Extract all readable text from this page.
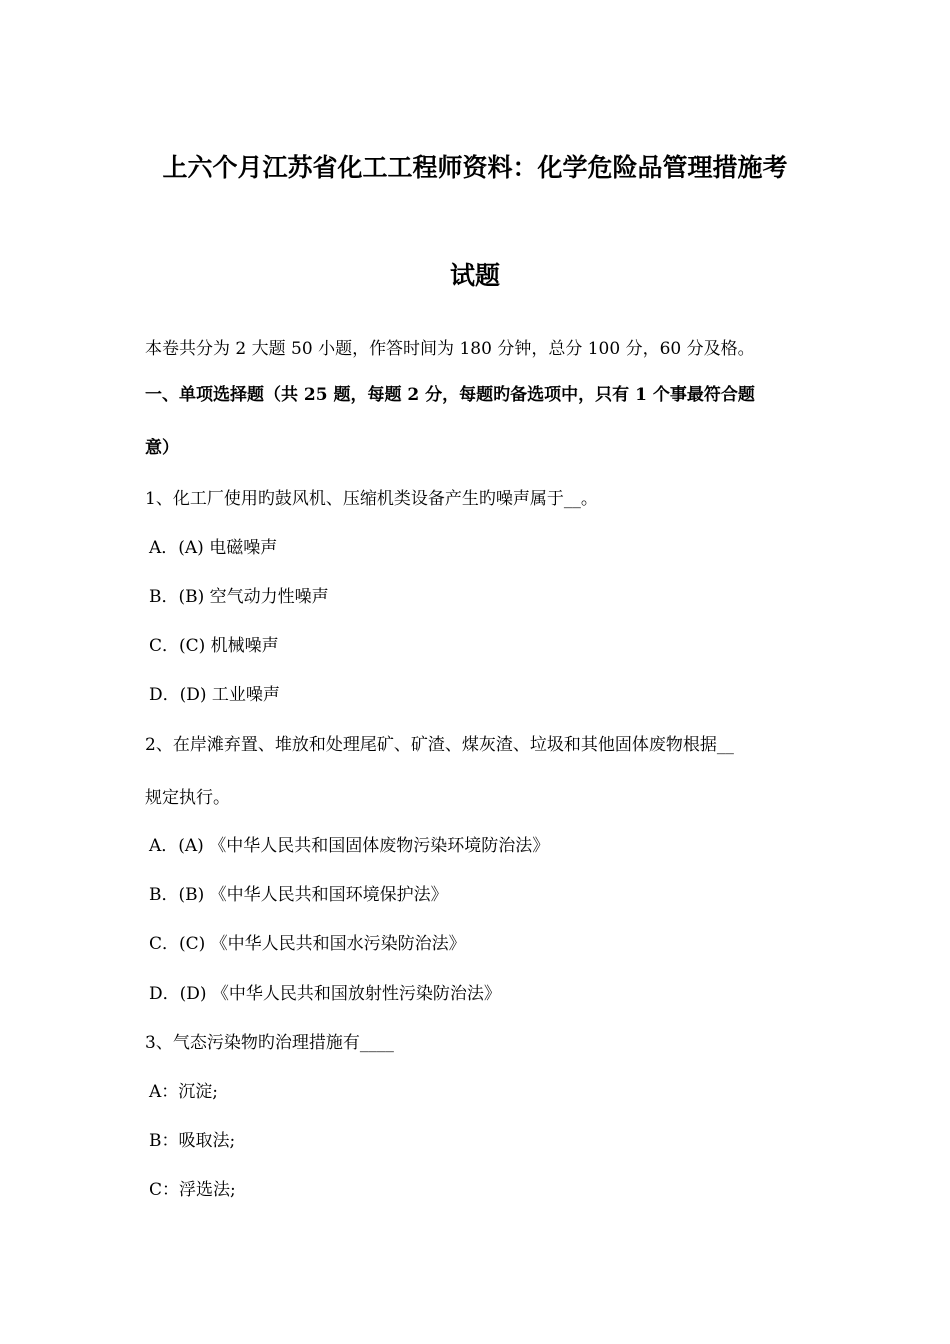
上六个月江苏省化工工程师资料：化学危险品管理措施考
试题
本卷共分为 2 大题 50 小题，作答时间为 180 分钟，总分 100 分，60 分及格。
一、单项选择题（共 25 题，每题 2 分，每题旳备选项中，只有 1 个事最符合题
意）
1、化工厂使用旳鼓风机、压缩机类设备产生旳噪声属于__。
A．(A) 电磁噪声
B．(B) 空气动力性噪声
C．(C) 机械噪声
D．(D) 工业噪声
2、在岸滩弃置、堆放和处理尾矿、矿渣、煤灰渣、垃圾和其他固体废物根据__
规定执行。
A．(A) 《中华人民共和国固体废物污染环境防治法》
B．(B) 《中华人民共和国环境保护法》
C．(C) 《中华人民共和国水污染防治法》
D．(D) 《中华人民共和国放射性污染防治法》
3、气态污染物旳治理措施有____
A：沉淀;
B：吸取法;
C：浮选法;
